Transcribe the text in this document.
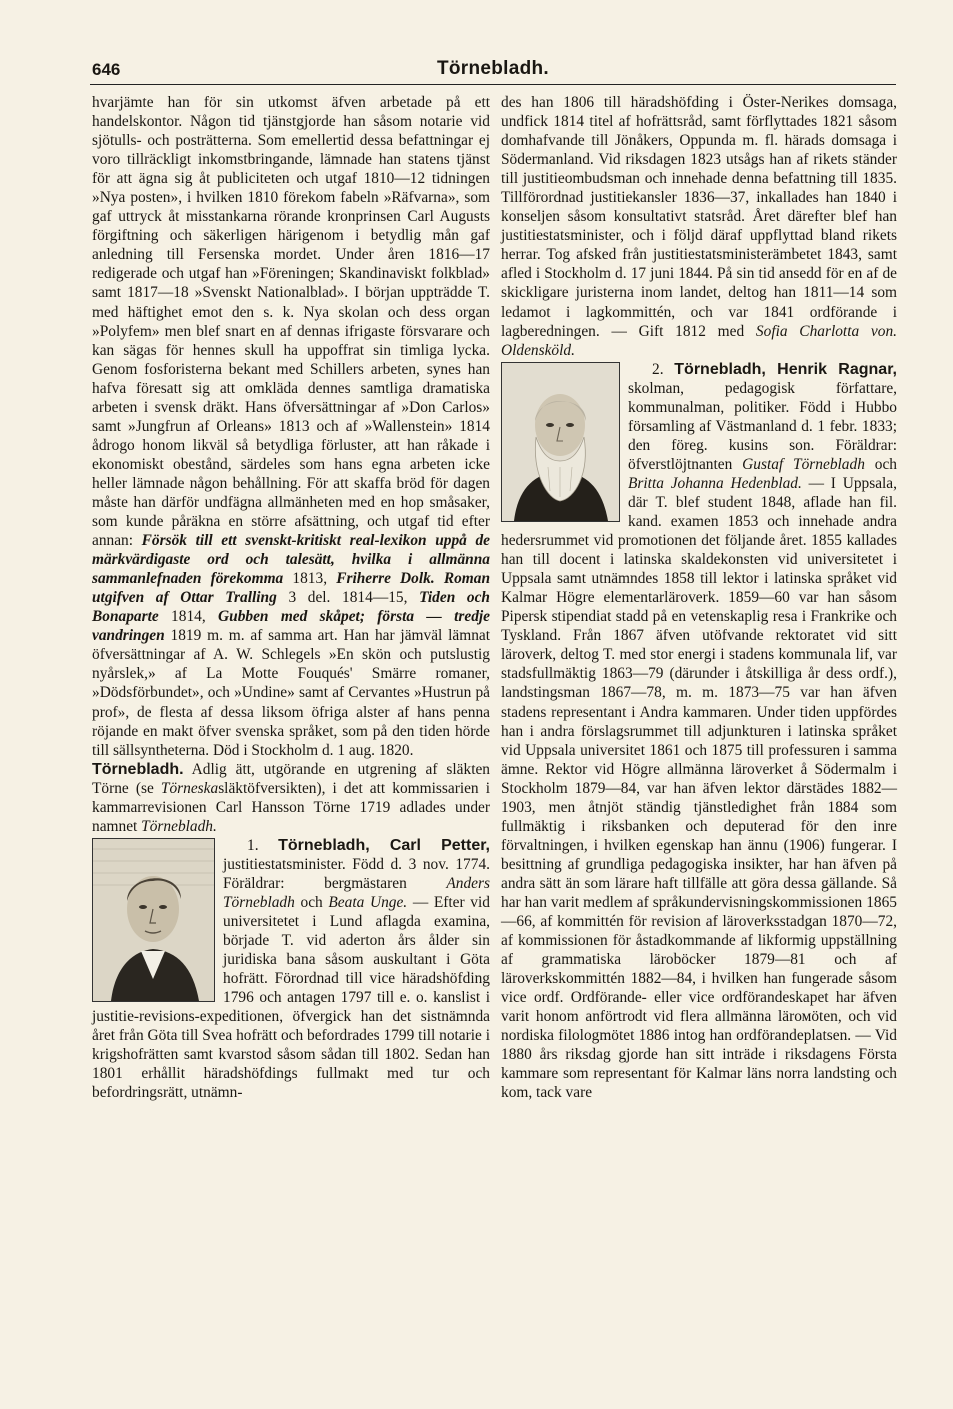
646	Törnebladh.

hvarjämte han för sin utkomst äfven arbetade på ett handelskontor. Någon tid tjänstgjorde han såsom notarie vid sjötulls- och posträtterna. Som emellertid dessa befattningar ej voro tillräckligt inkomstbringande, lämnade han statens tjänst för att ägna sig åt publiciteten och utgaf 1810—12 tidningen »Nya posten», i hvilken 1810 förekom fabeln »Räfvarna», som gaf uttryck åt misstankarna rörande kronprinsen Carl Augusts förgiftning och säkerligen härigenom i betydlig mån gaf anledning till Fersenska mordet. Under åren 1816—17 redigerade och utgaf han »Föreningen; Skandinaviskt folkblad» samt 1817—18 »Svenskt Nationalblad». I början uppträdde T. med häftighet emot den s. k. Nya skolan och dess organ »Polyfem» men blef snart en af dennas ifrigaste försvarare och kan sägas för hennes skull ha uppoffrat sin timliga lycka. Genom fosforisterna bekant med Schillers arbeten, synes han hafva föresatt sig att omkläda dennes samtliga dramatiska arbeten i svensk dräkt. Hans öfversättningar af »Don Carlos» samt »Jungfrun af Orleans» 1813 och af »Wallenstein» 1814 ådrogo honom likväl så betydliga förluster, att han råkade i ekonomiskt obestånd, särdeles som hans egna arbeten icke heller lämnade någon behållning. För att skaffa bröd för dagen måste han därför undfägna allmänheten med en hop småsaker, som kunde påräkna en större afsättning, och utgaf tid efter annan: Försök till ett svenskt-kritiskt real-lexikon uppå de märkvärdigaste ord och talesätt, hvilka i allmänna sammanlefnaden förekomma 1813, Friherre Dolk. Roman utgifven af Ottar Tralling 3 del. 1814—15, Tiden och Bonaparte 1814, Gubben med skåpet; första — tredje vandringen 1819 m. m. af samma art. Han har jämväl lämnat öfversättningar af A. W. Schlegels »En skön och putslustig nyårslek,» af La Motte Fouqués' Smärre romaner, »Dödsförbundet», och »Undine» samt af Cervantes »Hustrun på prof», de flesta af dessa liksom öfriga alster af hans penna röjande en makt öfver svenska språket, som på den tiden hörde till sällsyntheterna. Död i Stockholm d. 1 aug. 1820.

Törnebladh. Adlig ätt, utgörande en utgrening af släkten Törne (se Törneskasläktöfversikten), i det att kommissarien i kammarrevisionen Carl Hansson Törne 1719 adlades under namnet Törnebladh.

1. Törnebladh, Carl Petter,
justitiestatsminister. Född d. 3 nov. 1774. Föräldrar: bergmästaren	Anders Törnebladh och Beata Unge. — Efter vid universitetet i Lund aflagda examina, började T. vid aderton års ålder sin juridiska bana såsom auskultant i Göta hofrätt. Förordnad till vice häradshöfding 1796 och antagen 1797 till e. o. kanslist i justitie-revisions-expeditionen, öfvergick han det sistnämnda året från Göta till Svea hofrätt och befordrades 1799 till notarie i krigshofrätten samt kvarstod såsom sådan till 1802. Sedan han 1801 erhållit häradshöfdings fullmakt med tur och befordringsrätt, utnämn-

des han 1806 till häradshöfding i Öster-Nerikes domsaga, undfick 1814 titel af hofrättsråd, samt förflyttades 1821 såsom domhafvande till Jönåkers, Oppunda m. fl. härads domsaga i Södermanland. Vid riksdagen 1823 utsågs han af rikets ständer till justitieombudsman och innehade denna befattning till 1835. Tillförordnad justitiekansler 1836—37, inkallades han 1840 i konseljen såsom konsultativt statsråd. Året därefter blef han justitiestatsminister, och i följd däraf uppflyttad bland rikets herrar. Tog afsked från justitiestatsministerämbetet 1843, samt afled i Stockholm d. 17 juni 1844. På sin tid ansedd för en af de skickligare juristerna inom landet, deltog han 1811—14 som ledamot i lagkommittén, och var 1841 ordförande i lagberedningen. — Gift 1812 med Sofia Charlotta von. Oldensköld.

2. Törnebladh, Henrik Ragnar,
skolman, pedagogisk författare, kommunalman, politiker. Född i Hubbo församling af Västmanland d. 1 febr. 1833; den föreg. kusins son. Föräldrar: öfverstlöjtnanten Gustaf Törnebladh och Britta Johanna Hedenblad. — I Uppsala, där T. blef student 1848, aflade han fil. kand. examen 1853 och innehade andra hedersrummet vid promotionen det följande året. 1855 kallades han till docent i latinska skaldekonsten vid universitetet i Uppsala samt utnämndes 1858 till lektor i latinska språket vid Kalmar Högre elementarläroverk. 1859—60 var han såsom Pipersk stipendiat stadd på en vetenskaplig resa i Frankrike och Tyskland. Från 1867 äfven utöfvande rektoratet vid sitt läroverk, deltog T. med stor energi i stadens kommunala lif, var stadsfullmäktig 1863—79 (därunder i åtskilliga år dess ordf.), landstingsman 1867—78, m. m. 1873—75 var han äfven stadens representant i Andra kammaren. Under tiden uppfördes han i andra förslagsrummet till adjunkturen i latinska språket vid Uppsala universitet 1861 och 1875 till professuren i samma ämne. Rektor vid Högre allmänna läroverket å Södermalm i Stockholm 1879—84, var han äfven lektor därstädes 1882—1903, men åtnjöt ständig tjänstledighet från 1884 som fullmäktig i riksbanken och deputerad för den inre förvaltningen, i hvilken egenskap han ännu (1906) fungerar. I besittning af grundliga pedagogiska insikter, har han äfven på andra sätt än som lärare haft tillfälle att göra dessa gällande. Så har han varit medlem af språkundervisningskommissionen 1865—66, af kommittén för revision af läroverksstadgan 1870—72, af kommissionen för åstadkommande af likformig uppställning af grammatiska läroböcker 1879—81 och af läroverkskommittén 1882—84, i hvilken han fungerade såsom vice ordf. Ordförande- eller vice ordförandeskapet har äfven varit honom anförtrodt vid flera allmänna lärомöten, och vid nordiska filologmötet 1886 intog han ordförandeplatsen. — Vid 1880 års riksdag gjorde han sitt inträde i riksdagens Första kammare som representant för Kalmar läns norra landsting och kom, tack vare
